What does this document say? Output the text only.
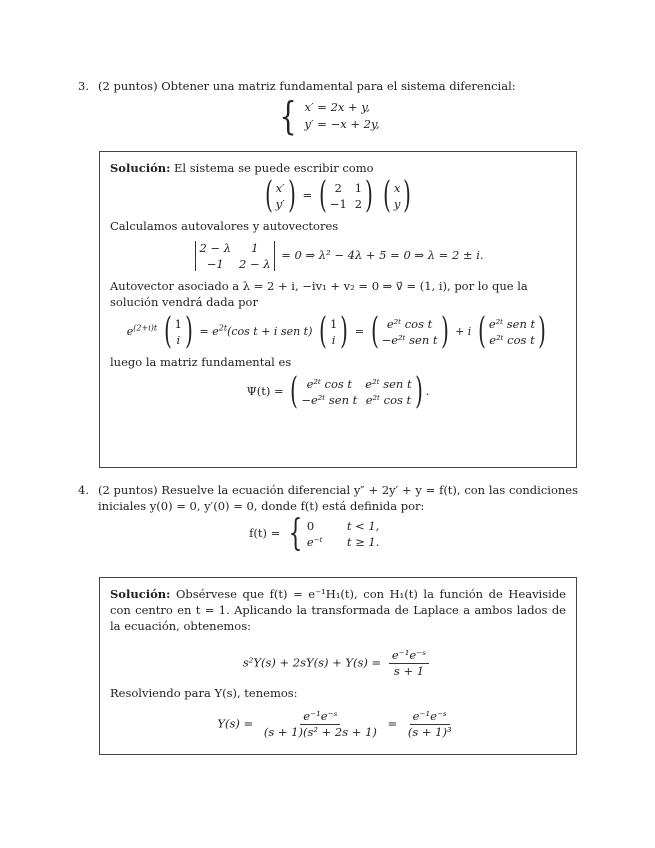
3. (2 puntos) Obtener una matriz fundamental para el sistema diferencial:
{ x′ = 2x + y,
y′ = −x + 2y,
Solución: El sistema se puede escribir como
( x′
y′ ) = ( 2	1
−1 2 )
( x
y )
Calculamos autovalores y autovectores
2 − λ	1
−1	2 − λ
= 0 ⇒ λ² − 4λ + 5 = 0 ⇒ λ = 2 ± i.
Autovector asociado a λ = 2 + i, −iv₁ + v₂ = 0 ⇒ v⃗ = (1, i), por lo que la solución vendrá dada por
$e^{(2+i)t}$ ( 1
i ) = $e^{2t}(\cos$ t + i sen t) ( 1
i ) = ( e²ᵗ cos t
−e²ᵗ sen t ) + i ( e²ᵗ sen t
e²ᵗ cos t )
luego la matriz fundamental es
Ψ(t) = ( e²ᵗ cos t	e²ᵗ sen t
−e²ᵗ sen t e²ᵗ cos t ) .
4. (2 puntos) Resuelve la ecuación diferencial y″ + 2y′ + y = f(t), con las condiciones iniciales y(0) = 0, y′(0) = 0, donde f(t) está definida por:
f(t) = { 0	t < 1,
e⁻ᵗ	t ≥ 1.
Solución: Obsérvese que f(t) = e⁻¹H₁(t), con H₁(t) la función de Heaviside con centro en t = 1. Aplicando la transformada de Laplace a ambos lados de la ecuación, obtenemos:
$s^2Y(s) + 2sY(s) + Y(s) = \frac{\text{e⁻¹e⁻ˢ}}{s + 1}$
Resolviendo para Y(s), tenemos:
$Y(s) = \frac{\text{e⁻¹e⁻ˢ}}{\text{(s + 1)(s² + 2s + 1)}} = \frac{\text{e⁻¹e⁻ˢ}}{\text{(s + 1)³}}$
